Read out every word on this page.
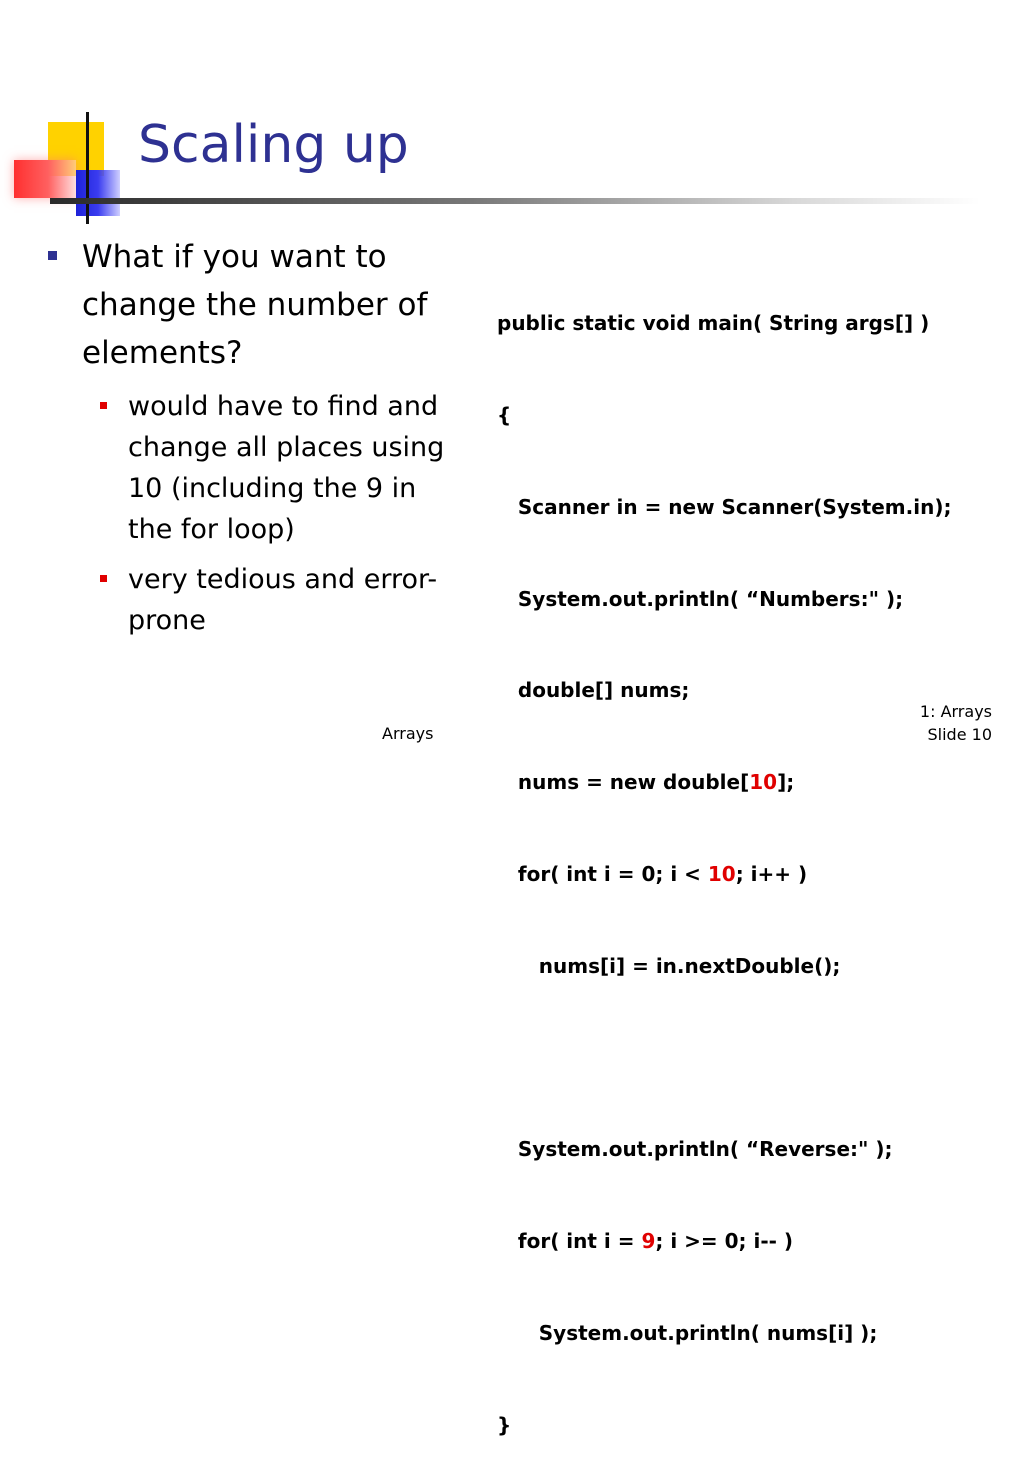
Scaling up
What if you want to change the number of elements?
would have to find and change all places using 10 (including the 9 in the for loop)
very tedious and error-prone

public static void main( String args[] )

{

Scanner in = new Scanner(System.in);

System.out.println( “Numbers:" );

double[] nums;

nums = new double[10];

for( int i = 0; i < 10; i++ )

nums[i] = in.nextDouble();

System.out.println( “Reverse:" );

for( int i = 9; i >= 0; i-- )

System.out.println( nums[i] );

}

Arrays
1: Arrays
Slide 10
